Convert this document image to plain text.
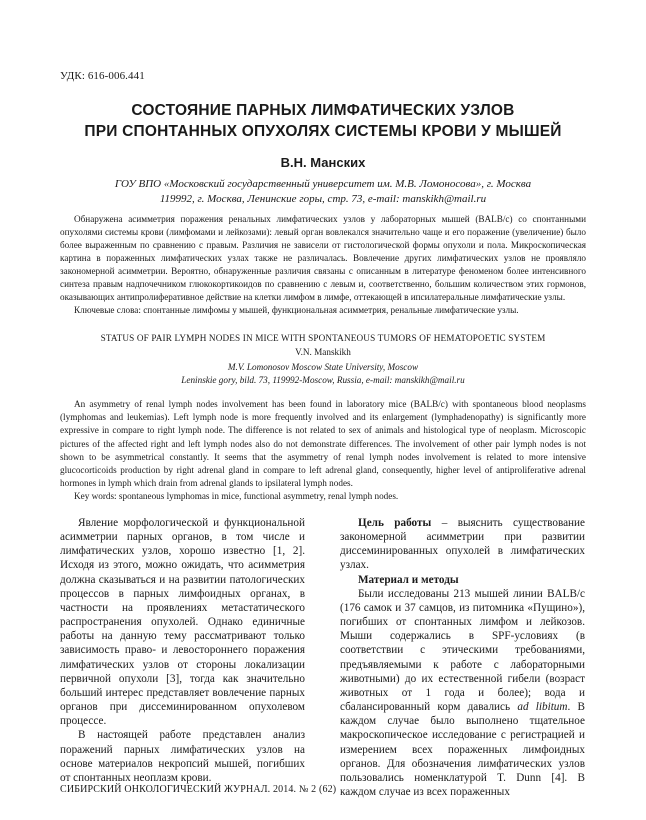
УДК: 616-006.441
СОСТОЯНИЕ ПАРНЫХ ЛИМФАТИЧЕСКИХ УЗЛОВ
ПРИ СПОНТАННЫХ ОПУХОЛЯХ СИСТЕМЫ КРОВИ У МЫШЕЙ
В.Н. Манских
ГОУ ВПО «Московский государственный университет им. М.В. Ломоносова», г. Москва
119992, г. Москва, Ленинские горы, стр. 73, e-mail: manskikh@mail.ru

Обнаружена асимметрия поражения ренальных лимфатических узлов у лабораторных мышей (BALB/c) со спонтанными опухолями системы крови (лимфомами и лейкозами): левый орган вовлекался значительно чаще и его поражение (увеличение) было более выраженным по сравнению с правым. Различия не зависели от гистологической формы опухоли и пола. Микроскопическая картина в пораженных лимфатических узлах также не различалась. Вовлечение других лимфатических узлов не проявляло закономерной асимметрии. Вероятно, обнаруженные различия связаны с описанным в литературе феноменом более интенсивного синтеза правым надпочечником глюкокортикоидов по сравнению с левым и, соответственно, большим количеством этих гормонов, оказывающих антипролиферативное действие на клетки лимфом в лимфе, оттекающей в ипсилатеральные лимфатические узлы.

Ключевые слова: спонтанные лимфомы у мышей, функциональная асимметрия, ренальные лимфатические узлы.

STATUS OF PAIR LYMPH NODES IN MICE WITH SPONTANEOUS TUMORS OF HEMATOPOETIC SYSTEM
V.N. Manskikh
M.V. Lomonosov Moscow State University, Moscow
Leninskie gory, bild. 73, 119992-Moscow, Russia, e-mail: manskikh@mail.ru

An asymmetry of renal lymph nodes involvement has been found in laboratory mice (BALB/c) with spontaneous blood neoplasms (lymphomas and leukemias). Left lymph node is more frequently involved and its enlargement (lymphadenopathy) is significantly more expressive in compare to right lymph node. The difference is not related to sex of animals and histological type of neoplasm. Microscopic pictures of the affected right and left lymph nodes also do not demonstrate differences. The involvement of other pair lymph nodes is not shown to be asymmetrical constantly. It seems that the asymmetry of renal lymph nodes involvement is related to more intensive glucocorticoids production by right adrenal gland in compare to left adrenal gland, consequently, higher level of antiproliferative adrenal hormones in lymph which drain from adrenal glands to ipsilateral lymph nodes.

Key words: spontaneous lymphomas in mice, functional asymmetry, renal lymph nodes.

Явление морфологической и функциональной асимметрии парных органов, в том числе и лимфатических узлов, хорошо известно [1, 2]. Исходя из этого, можно ожидать, что асимметрия должна сказываться и на развитии патологических процессов в парных лимфоидных органах, в частности на проявлениях метастатического распространения опухолей. Однако единичные работы на данную тему рассматривают только зависимость право- и левостороннего поражения лимфатических узлов от стороны локализации первичной опухоли [3], тогда как значительно больший интерес представляет вовлечение парных органов при диссеминированном опухолевом процессе.

В настоящей работе представлен анализ поражений парных лимфатических узлов на основе материалов некропсий мышей, погибших от спонтанных неоплазм крови.

Цель работы – выяснить существование закономерной асимметрии при развитии диссеминированных опухолей в лимфатических узлах.

Материал и методы

Были исследованы 213 мышей линии BALB/c (176 самок и 37 самцов, из питомника «Пущино»), погибших от спонтанных лимфом и лейкозов. Мыши содержались в SPF-условиях (в соответствии с этическими требованиями, предъявляемыми к работе с лабораторными животными) до их естественной гибели (возраст животных от 1 года и более); вода и сбалансированный корм давались ad libitum. В каждом случае было выполнено тщательное макроскопическое исследование с регистрацией и измерением всех пораженных лимфоидных органов. Для обозначения лимфатических узлов пользовались номенклатурой T. Dunn [4]. В каждом случае из всех пораженных

СИБИРСКИЙ ОНКОЛОГИЧЕСКИЙ ЖУРНАЛ. 2014. № 2 (62)
